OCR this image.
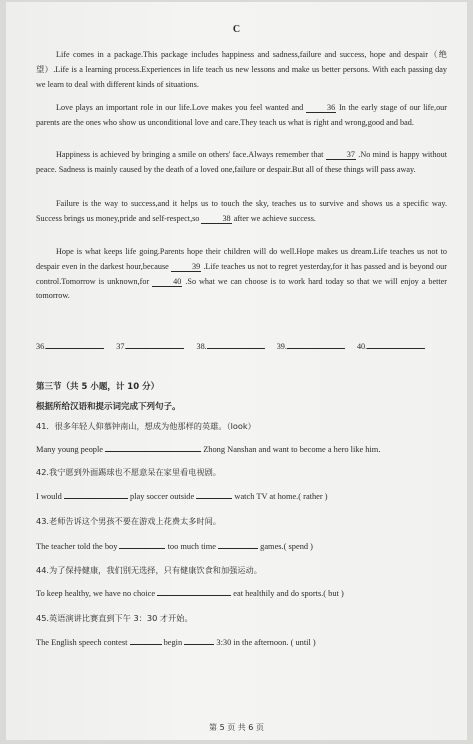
C
Life comes in a package.This package includes happiness and sadness,failure and success, hope and despair（绝望）.Life is a learning process.Experiences in life teach us new lessons and make us better persons. With each passing day we learn to deal with different kinds of situations.
Love plays an important role in our life.Love makes you feel wanted and	36 In the early stage of our life,our parents are the ones who show us unconditional love and care.They teach us what is right and wrong,good and bad.
Happiness is achieved by bringing a smile on others' face.Always remember that	37 .No mind is happy without peace. Sadness is mainly caused by the death of a loved one,failure or despair.But all of these things will pass away.
Failure is the way to success,and it helps us to touch the sky, teaches us to survive and shows us a specific way. Success brings us money,pride and self-respect,so	38 after we achieve success.
Hope is what keeps life going.Parents hope their children will do well.Hope makes us dream.Life teaches us not to despair even in the darkest hour,because	39 .Life teaches us not to regret yesterday,for it has passed and is beyond our control.Tomorrow is unknown,for	40 .So what we can choose is to work hard today so that we will enjoy a better tomorrow.
36.	37.	38.	39.	40.
第三节（共 5 小题，计 10 分）
根据所给汉语和提示词完成下列句子。
41．很多年轻人仰慕钟南山，想成为他那样的英雄。（look）
Many young people	Zhong Nanshan and want to become a hero like him.
42.我宁愿到外面踢球也不愿意呆在家里看电视剧。
I would	play soccer outside	watch TV at home.( rather )
43.老师告诉这个男孩不要在游戏上花费太多时间。
The teacher told the boy	too much time	games.( spend )
44.为了保持健康，我们别无选择，只有健康饮食和加强运动。
To keep healthy, we have no choice	eat healthily and do sports.( but )
45.英语演讲比赛直到下午 3：30 才开始。
The English speech contest	begin	3:30 in the afternoon. ( until )
第 5 页 共 6 页
